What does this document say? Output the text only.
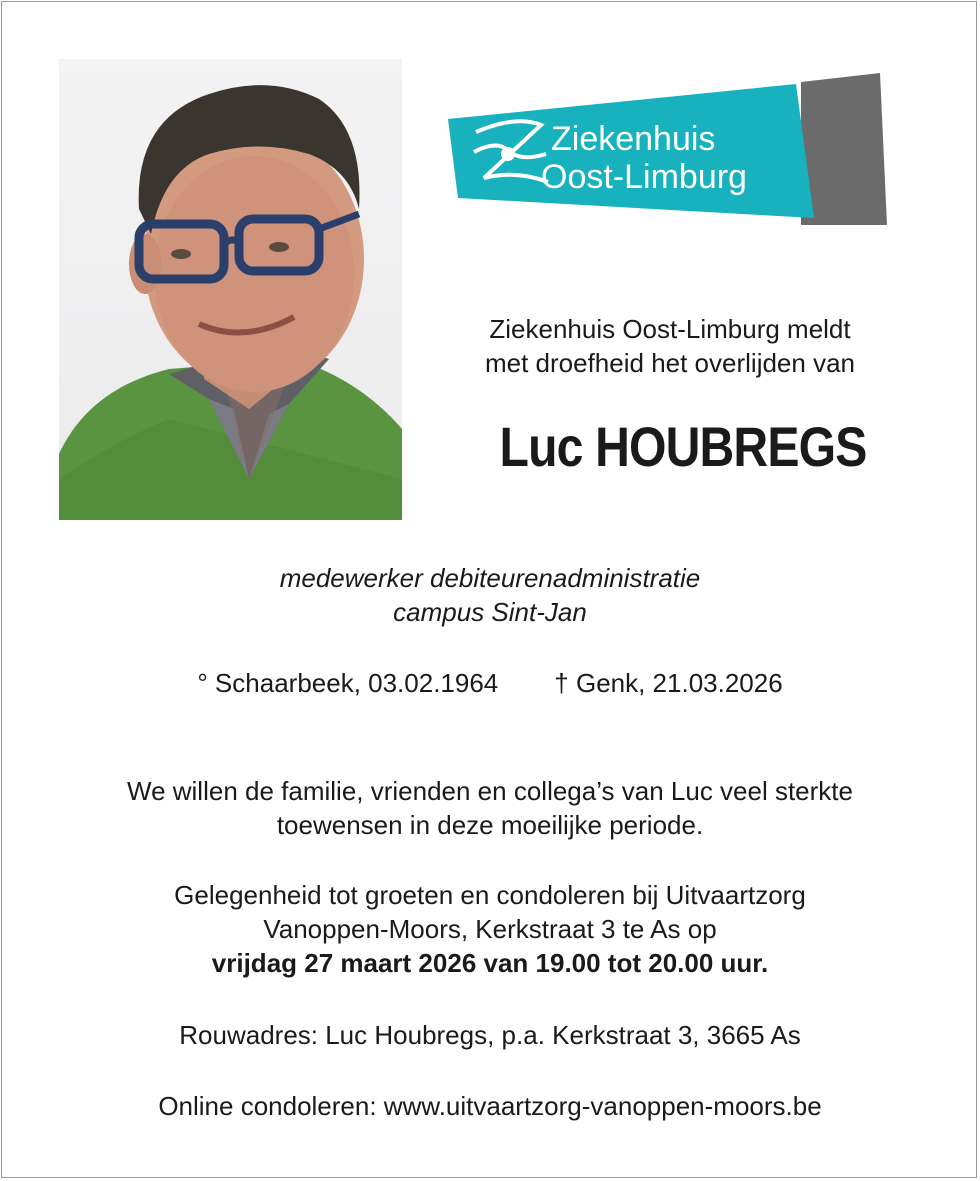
Ziekenhuis
Oost-Limburg
Ziekenhuis Oost-Limburg meldt
met droefheid het overlijden van
Luc HOUBREGS
medewerker debiteurenadministratie
campus Sint-Jan
° Schaarbeek, 03.02.1964 † Genk, 21.03.2026
We willen de familie, vrienden en collega’s van Luc veel sterkte
toewensen in deze moeilijke periode.
Gelegenheid tot groeten en condoleren bij Uitvaartzorg
Vanoppen-Moors, Kerkstraat 3 te As op
vrijdag 27 maart 2026 van 19.00 tot 20.00 uur.
Rouwadres: Luc Houbregs, p.a. Kerkstraat 3, 3665 As
Online condoleren: www.uitvaartzorg-vanoppen-moors.be
